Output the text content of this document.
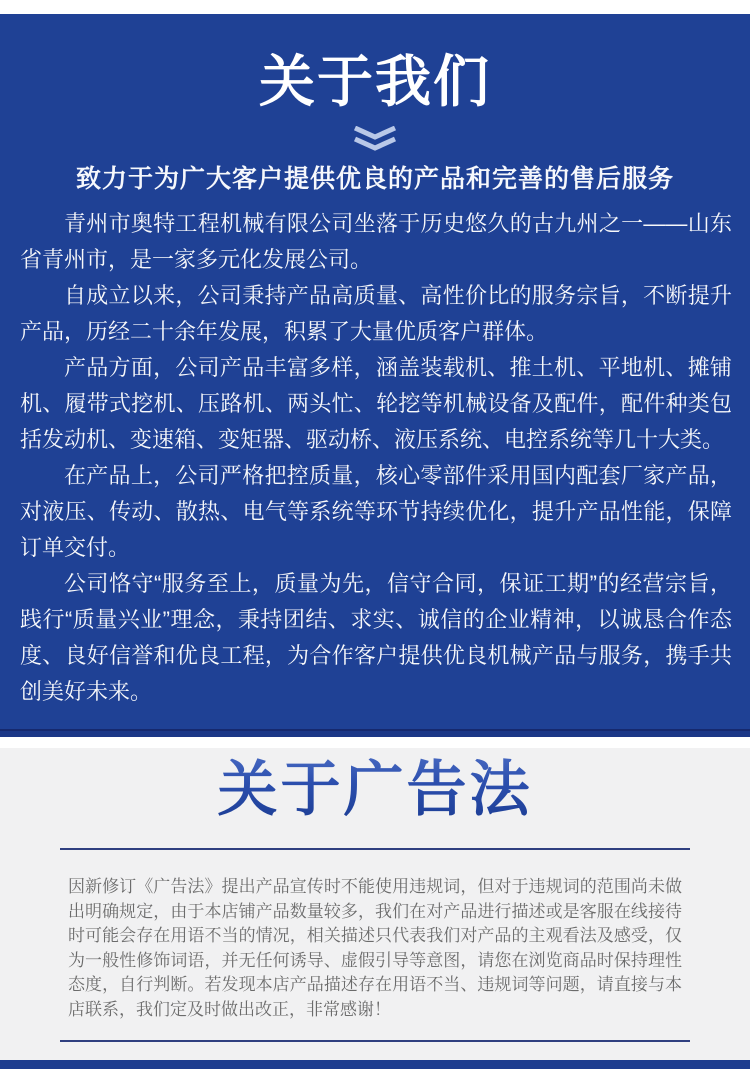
关于我们
致力于为广大客户提供优良的产品和完善的售后服务

青州市奥特工程机械有限公司坐落于历史悠久的古九州之一——山东省青州市，是一家多元化发展公司。

自成立以来，公司秉持产品高质量、高性价比的服务宗旨，不断提升产品，历经二十余年发展，积累了大量优质客户群体。

产品方面，公司产品丰富多样，涵盖装载机、推土机、平地机、摊铺机、履带式挖机、压路机、两头忙、轮挖等机械设备及配件，配件种类包括发动机、变速箱、变矩器、驱动桥、液压系统、电控系统等几十大类。

在产品上，公司严格把控质量，核心零部件采用国内配套厂家产品，对液压、传动、散热、电气等系统等环节持续优化，提升产品性能，保障订单交付。

公司恪守“服务至上，质量为先，信守合同，保证工期”的经营宗旨，践行“质量兴业”理念，秉持团结、求实、诚信的企业精神，以诚恳合作态度、良好信誉和优良工程，为合作客户提供优良机械产品与服务，携手共创美好未来。

关于广告法

因新修订《广告法》提出产品宣传时不能使用违规词，但对于违规词的范围尚未做出明确规定，由于本店铺产品数量较多，我们在对产品进行描述或是客服在线接待时可能会存在用语不当的情况，相关描述只代表我们对产品的主观看法及感受，仅为一般性修饰词语，并无任何诱导、虚假引导等意图，请您在浏览商品时保持理性态度，自行判断。若发现本店产品描述存在用语不当、违规词等问题，请直接与本店联系，我们定及时做出改正，非常感谢！
